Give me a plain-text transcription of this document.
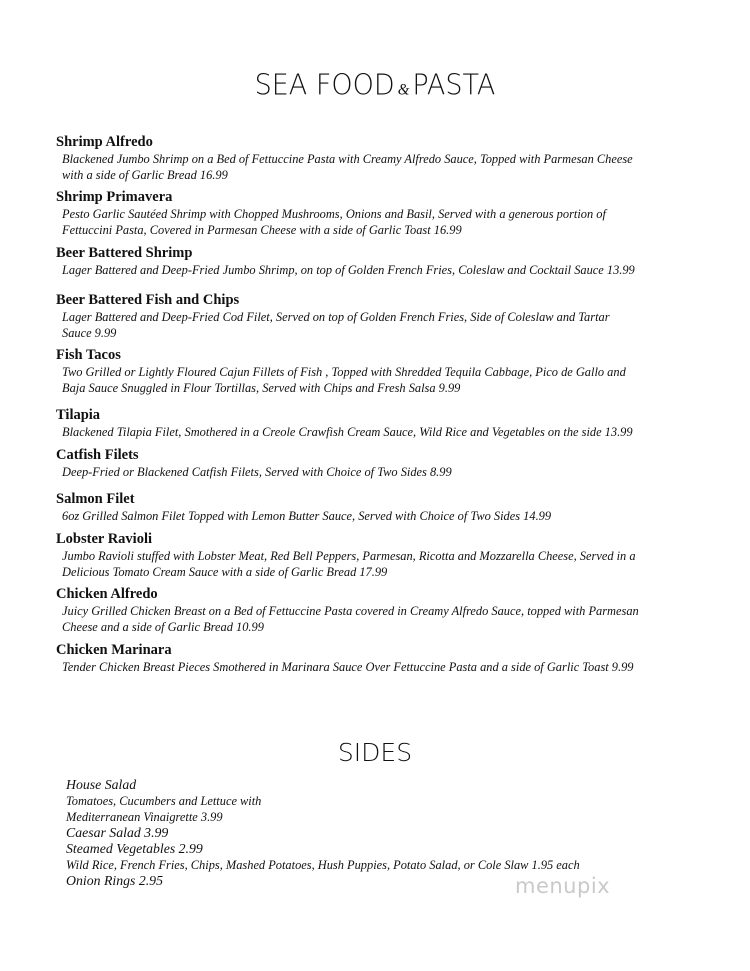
SEA FOOD & PASTA
Shrimp Alfredo
Blackened Jumbo Shrimp on a Bed of Fettuccine Pasta with Creamy Alfredo Sauce, Topped with Parmesan Cheese
with a side of Garlic Bread 16.99
Shrimp Primavera
Pesto Garlic Sautéed Shrimp with Chopped Mushrooms, Onions and Basil, Served with a generous portion of
Fettuccini Pasta, Covered in Parmesan Cheese with a side of Garlic Toast 16.99
Beer Battered Shrimp
Lager Battered and Deep-Fried Jumbo Shrimp, on top of Golden French Fries, Coleslaw and Cocktail Sauce 13.99
Beer Battered Fish and Chips
Lager Battered and Deep-Fried Cod Filet, Served on top of Golden French Fries, Side of Coleslaw and Tartar
Sauce 9.99
Fish Tacos
Two Grilled or Lightly Floured Cajun Fillets of Fish , Topped with Shredded Tequila Cabbage, Pico de Gallo and
Baja Sauce Snuggled in Flour Tortillas, Served with Chips and Fresh Salsa 9.99
Tilapia
Blackened Tilapia Filet, Smothered in a Creole Crawfish Cream Sauce, Wild Rice and Vegetables on the side 13.99
Catfish Filets
Deep-Fried or Blackened Catfish Filets, Served with Choice of Two Sides 8.99
Salmon Filet
6oz Grilled Salmon Filet Topped with Lemon Butter Sauce, Served with Choice of Two Sides 14.99
Lobster Ravioli
Jumbo Ravioli stuffed with Lobster Meat, Red Bell Peppers, Parmesan, Ricotta and Mozzarella Cheese, Served in a
Delicious Tomato Cream Sauce with a side of Garlic Bread 17.99
Chicken Alfredo
Juicy Grilled Chicken Breast on a Bed of Fettuccine Pasta covered in Creamy Alfredo Sauce, topped with Parmesan
Cheese and a side of Garlic Bread 10.99
Chicken Marinara
Tender Chicken Breast Pieces Smothered in Marinara Sauce Over Fettuccine Pasta and a side of Garlic Toast 9.99
SIDES
House Salad
Tomatoes, Cucumbers and Lettuce with
Mediterranean Vinaigrette 3.99
Caesar Salad 3.99
Steamed Vegetables 2.99
Wild Rice, French Fries, Chips, Mashed Potatoes, Hush Puppies, Potato Salad, or Cole Slaw 1.95 each
Onion Rings 2.95	menupix
